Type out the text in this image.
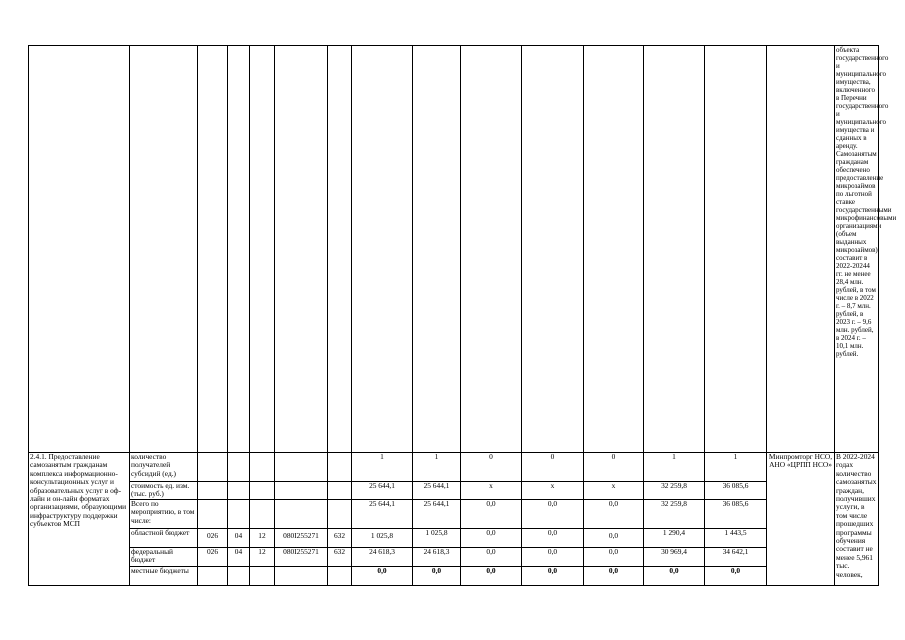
															объекта государственного и муниципального имущества, включенного в Перечни государственного и муниципального имущества и сданных в аренду. Самозанятым гражданам обеспечено предоставление микрозаймов по льготной ставке государственными микрофинансовыми организациями (объем выданных микрозаймов) составит в 2022-20244 гг. не менее 28,4 млн. рублей, в том числе в 2022 г. – 8,7 млн. рублей, в 2023 г. – 9,6 млн. рублей, в 2024 г. – 10,1 млн. рублей.
2.4.1. Предоставление самозанятым гражданам комплекса информационно-консультационных услуг и образовательных услуг в оф-лайн и он-лайн форматах организациями, образующими инфраструктуру поддержки субъектов МСП	количество получателей субсидий (ед.)						1	1	0	0	0	1	1	Минпромторг НСО, АНО «ЦРПП НСО»	В 2022-2024 годах количество самозанятых граждан, получивших услуги, в том числе прошедших программы обучения составит не менее 5,961 тыс. человек,
	стоимость ед. изм. (тыс. руб.)						25 644,1	25 644,1	x	x	x	32 259,8	36 085,6		
	Всего по мероприятию, в том числе:						25 644,1	25 644,1	0,0	0,0	0,0	32 259,8	36 085,6		
	областной бюджет	026	04	12	080I255271	632	1 025,8	1 025,8	0,0	0,0	0,0	1 290,4	1 443,5		
	федеральный бюджет	026	04	12	080I255271	632	24 618,3	24 618,3	0,0	0,0	0,0	30 969,4	34 642,1		
	местные бюджеты						0,0	0,0	0,0	0,0	0,0	0,0	0,0		
